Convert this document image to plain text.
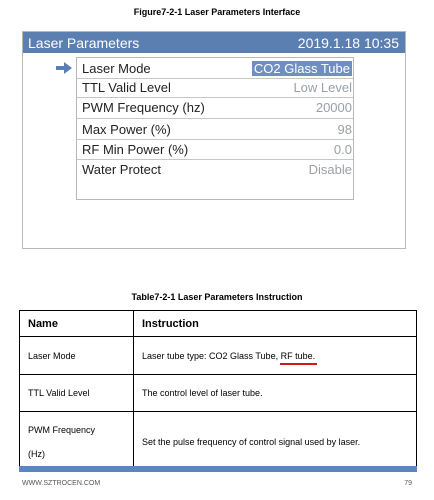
Figure7-2-1 Laser Parameters Interface
Laser Parameters	2019.1.18 10:35
Laser Mode	CO2 Glass Tube
TTL Valid Level	Low Level
PWM Frequency (hz)	20000
Max Power (%)	98
RF Min Power (%)	0.0
Water Protect	Disable
Table7-2-1 Laser Parameters Instruction
Name	Instruction
Laser Mode	Laser tube type: CO2 Glass Tube, RF tube.
TTL Valid Level	The control level of laser tube.

PWM Frequency
(Hz)	Set the pulse frequency of control signal used by laser.
WWW.SZTROCEN.COM	79
